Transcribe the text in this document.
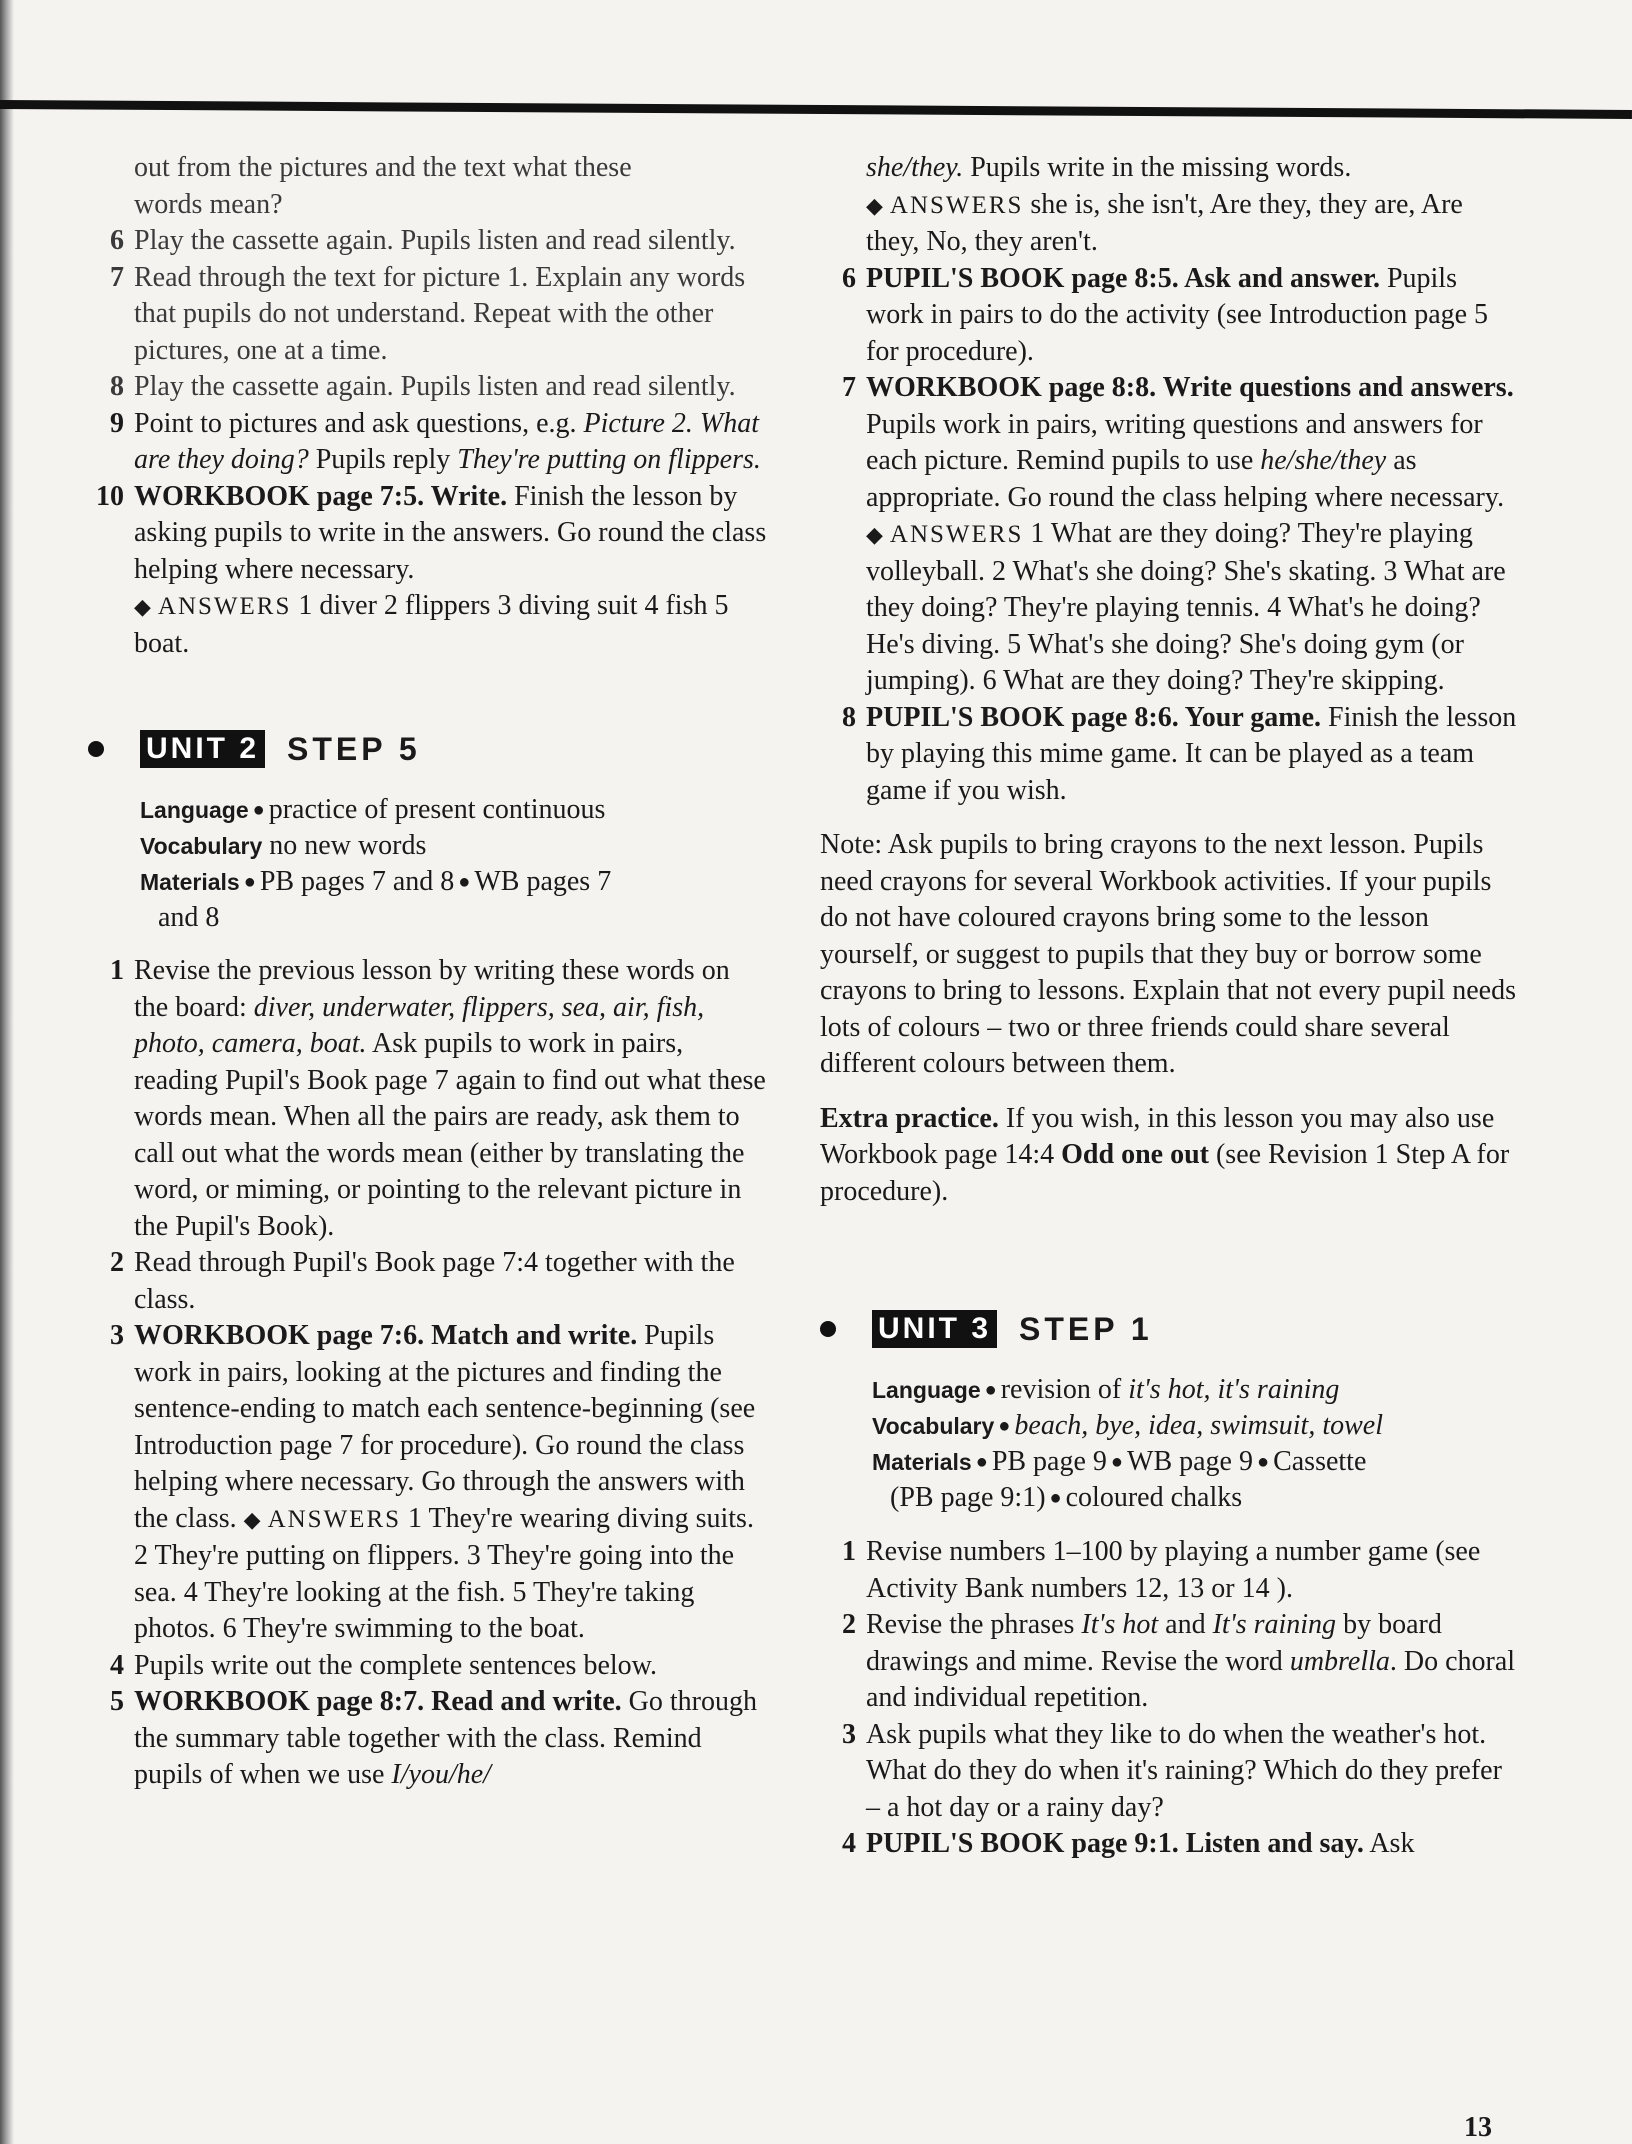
out from the pictures and the text what these
words mean?
6 Play the cassette again. Pupils listen and read silently.
7 Read through the text for picture 1. Explain any words that pupils do not understand. Repeat with the other pictures, one at a time.
8 Play the cassette again. Pupils listen and read silently.
9 Point to pictures and ask questions, e.g. Picture 2. What are they doing? Pupils reply They're putting on flippers.
10 WORKBOOK page 7:5. Write. Finish the lesson by asking pupils to write in the answers. Go round the class helping where necessary.
◆ ANSWERS 1 diver 2 flippers 3 diving suit 4 fish 5 boat.
UNIT 2 STEP 5
Language ● practice of present continuous
Vocabulary no new words
Materials ● PB pages 7 and 8 ● WB pages 7
and 8
1 Revise the previous lesson by writing these words on the board: diver, underwater, flippers, sea, air, fish, photo, camera, boat. Ask pupils to work in pairs, reading Pupil's Book page 7 again to find out what these words mean. When all the pairs are ready, ask them to call out what the words mean (either by translating the word, or miming, or pointing to the relevant picture in the Pupil's Book).
2 Read through Pupil's Book page 7:4 together with the class.
3 WORKBOOK page 7:6. Match and write. Pupils work in pairs, looking at the pictures and finding the sentence-ending to match each sentence-beginning (see Introduction page 7 for procedure). Go round the class helping where necessary. Go through the answers with the class. ◆ ANSWERS 1 They're wearing diving suits. 2 They're putting on flippers. 3 They're going into the sea. 4 They're looking at the fish. 5 They're taking photos. 6 They're swimming to the boat.
4 Pupils write out the complete sentences below.
5 WORKBOOK page 8:7. Read and write. Go through the summary table together with the class. Remind pupils of when we use I/you/he/
she/they. Pupils write in the missing words.
◆ ANSWERS she is, she isn't, Are they, they are, Are they, No, they aren't.
6 PUPIL'S BOOK page 8:5. Ask and answer. Pupils work in pairs to do the activity (see Introduction page 5 for procedure).
7 WORKBOOK page 8:8. Write questions and answers. Pupils work in pairs, writing questions and answers for each picture. Remind pupils to use he/she/they as appropriate. Go round the class helping where necessary.
◆ ANSWERS 1 What are they doing? They're playing volleyball. 2 What's she doing? She's skating. 3 What are they doing? They're playing tennis. 4 What's he doing? He's diving. 5 What's she doing? She's doing gym (or jumping). 6 What are they doing? They're skipping.
8 PUPIL'S BOOK page 8:6. Your game. Finish the lesson by playing this mime game. It can be played as a team game if you wish.

Note: Ask pupils to bring crayons to the next lesson. Pupils need crayons for several Workbook activities. If your pupils do not have coloured crayons bring some to the lesson yourself, or suggest to pupils that they buy or borrow some crayons to bring to lessons. Explain that not every pupil needs lots of colours – two or three friends could share several different colours between them.

Extra practice. If you wish, in this lesson you may also use Workbook page 14:4 Odd one out (see Revision 1 Step A for procedure).

UNIT 3 STEP 1
Language ● revision of it's hot, it's raining
Vocabulary ● beach, bye, idea, swimsuit, towel
Materials ● PB page 9 ● WB page 9 ● Cassette
(PB page 9:1) ● coloured chalks
1 Revise numbers 1–100 by playing a number game (see Activity Bank numbers 12, 13 or 14 ).
2 Revise the phrases It's hot and It's raining by board drawings and mime. Revise the word umbrella. Do choral and individual repetition.
3 Ask pupils what they like to do when the weather's hot. What do they do when it's raining? Which do they prefer – a hot day or a rainy day?
4 PUPIL'S BOOK page 9:1. Listen and say. Ask
13
